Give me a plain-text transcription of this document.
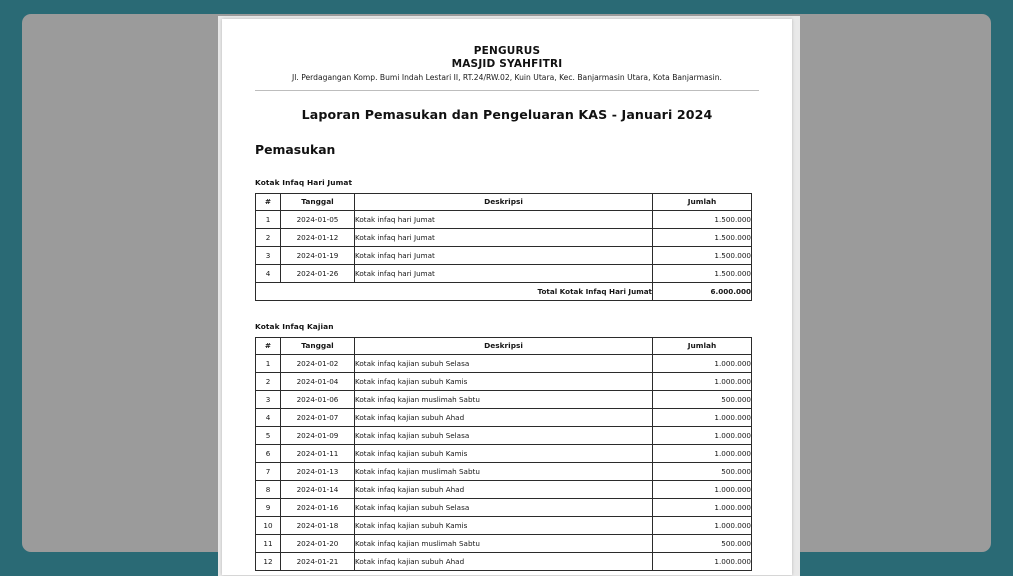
PENGURUS
MASJID SYAHFITRI
Jl. Perdagangan Komp. Bumi Indah Lestari II, RT.24/RW.02, Kuin Utara, Kec. Banjarmasin Utara, Kota Banjarmasin.
Laporan Pemasukan dan Pengeluaran KAS - Januari 2024
Pemasukan
Kotak Infaq Hari Jumat
#	Tanggal	Deskripsi	Jumlah
1	2024-01-05	Kotak infaq hari Jumat	1.500.000
2	2024-01-12	Kotak infaq hari Jumat	1.500.000
3	2024-01-19	Kotak infaq hari Jumat	1.500.000
4	2024-01-26	Kotak infaq hari Jumat	1.500.000
Total Kotak Infaq Hari Jumat			6.000.000
Kotak Infaq Kajian
#	Tanggal	Deskripsi	Jumlah
1	2024-01-02	Kotak infaq kajian subuh Selasa	1.000.000
2	2024-01-04	Kotak infaq kajian subuh Kamis	1.000.000
3	2024-01-06	Kotak infaq kajian muslimah Sabtu	500.000
4	2024-01-07	Kotak infaq kajian subuh Ahad	1.000.000
5	2024-01-09	Kotak infaq kajian subuh Selasa	1.000.000
6	2024-01-11	Kotak infaq kajian subuh Kamis	1.000.000
7	2024-01-13	Kotak infaq kajian muslimah Sabtu	500.000
8	2024-01-14	Kotak infaq kajian subuh Ahad	1.000.000
9	2024-01-16	Kotak infaq kajian subuh Selasa	1.000.000
10	2024-01-18	Kotak infaq kajian subuh Kamis	1.000.000
11	2024-01-20	Kotak infaq kajian muslimah Sabtu	500.000
12	2024-01-21	Kotak infaq kajian subuh Ahad	1.000.000
